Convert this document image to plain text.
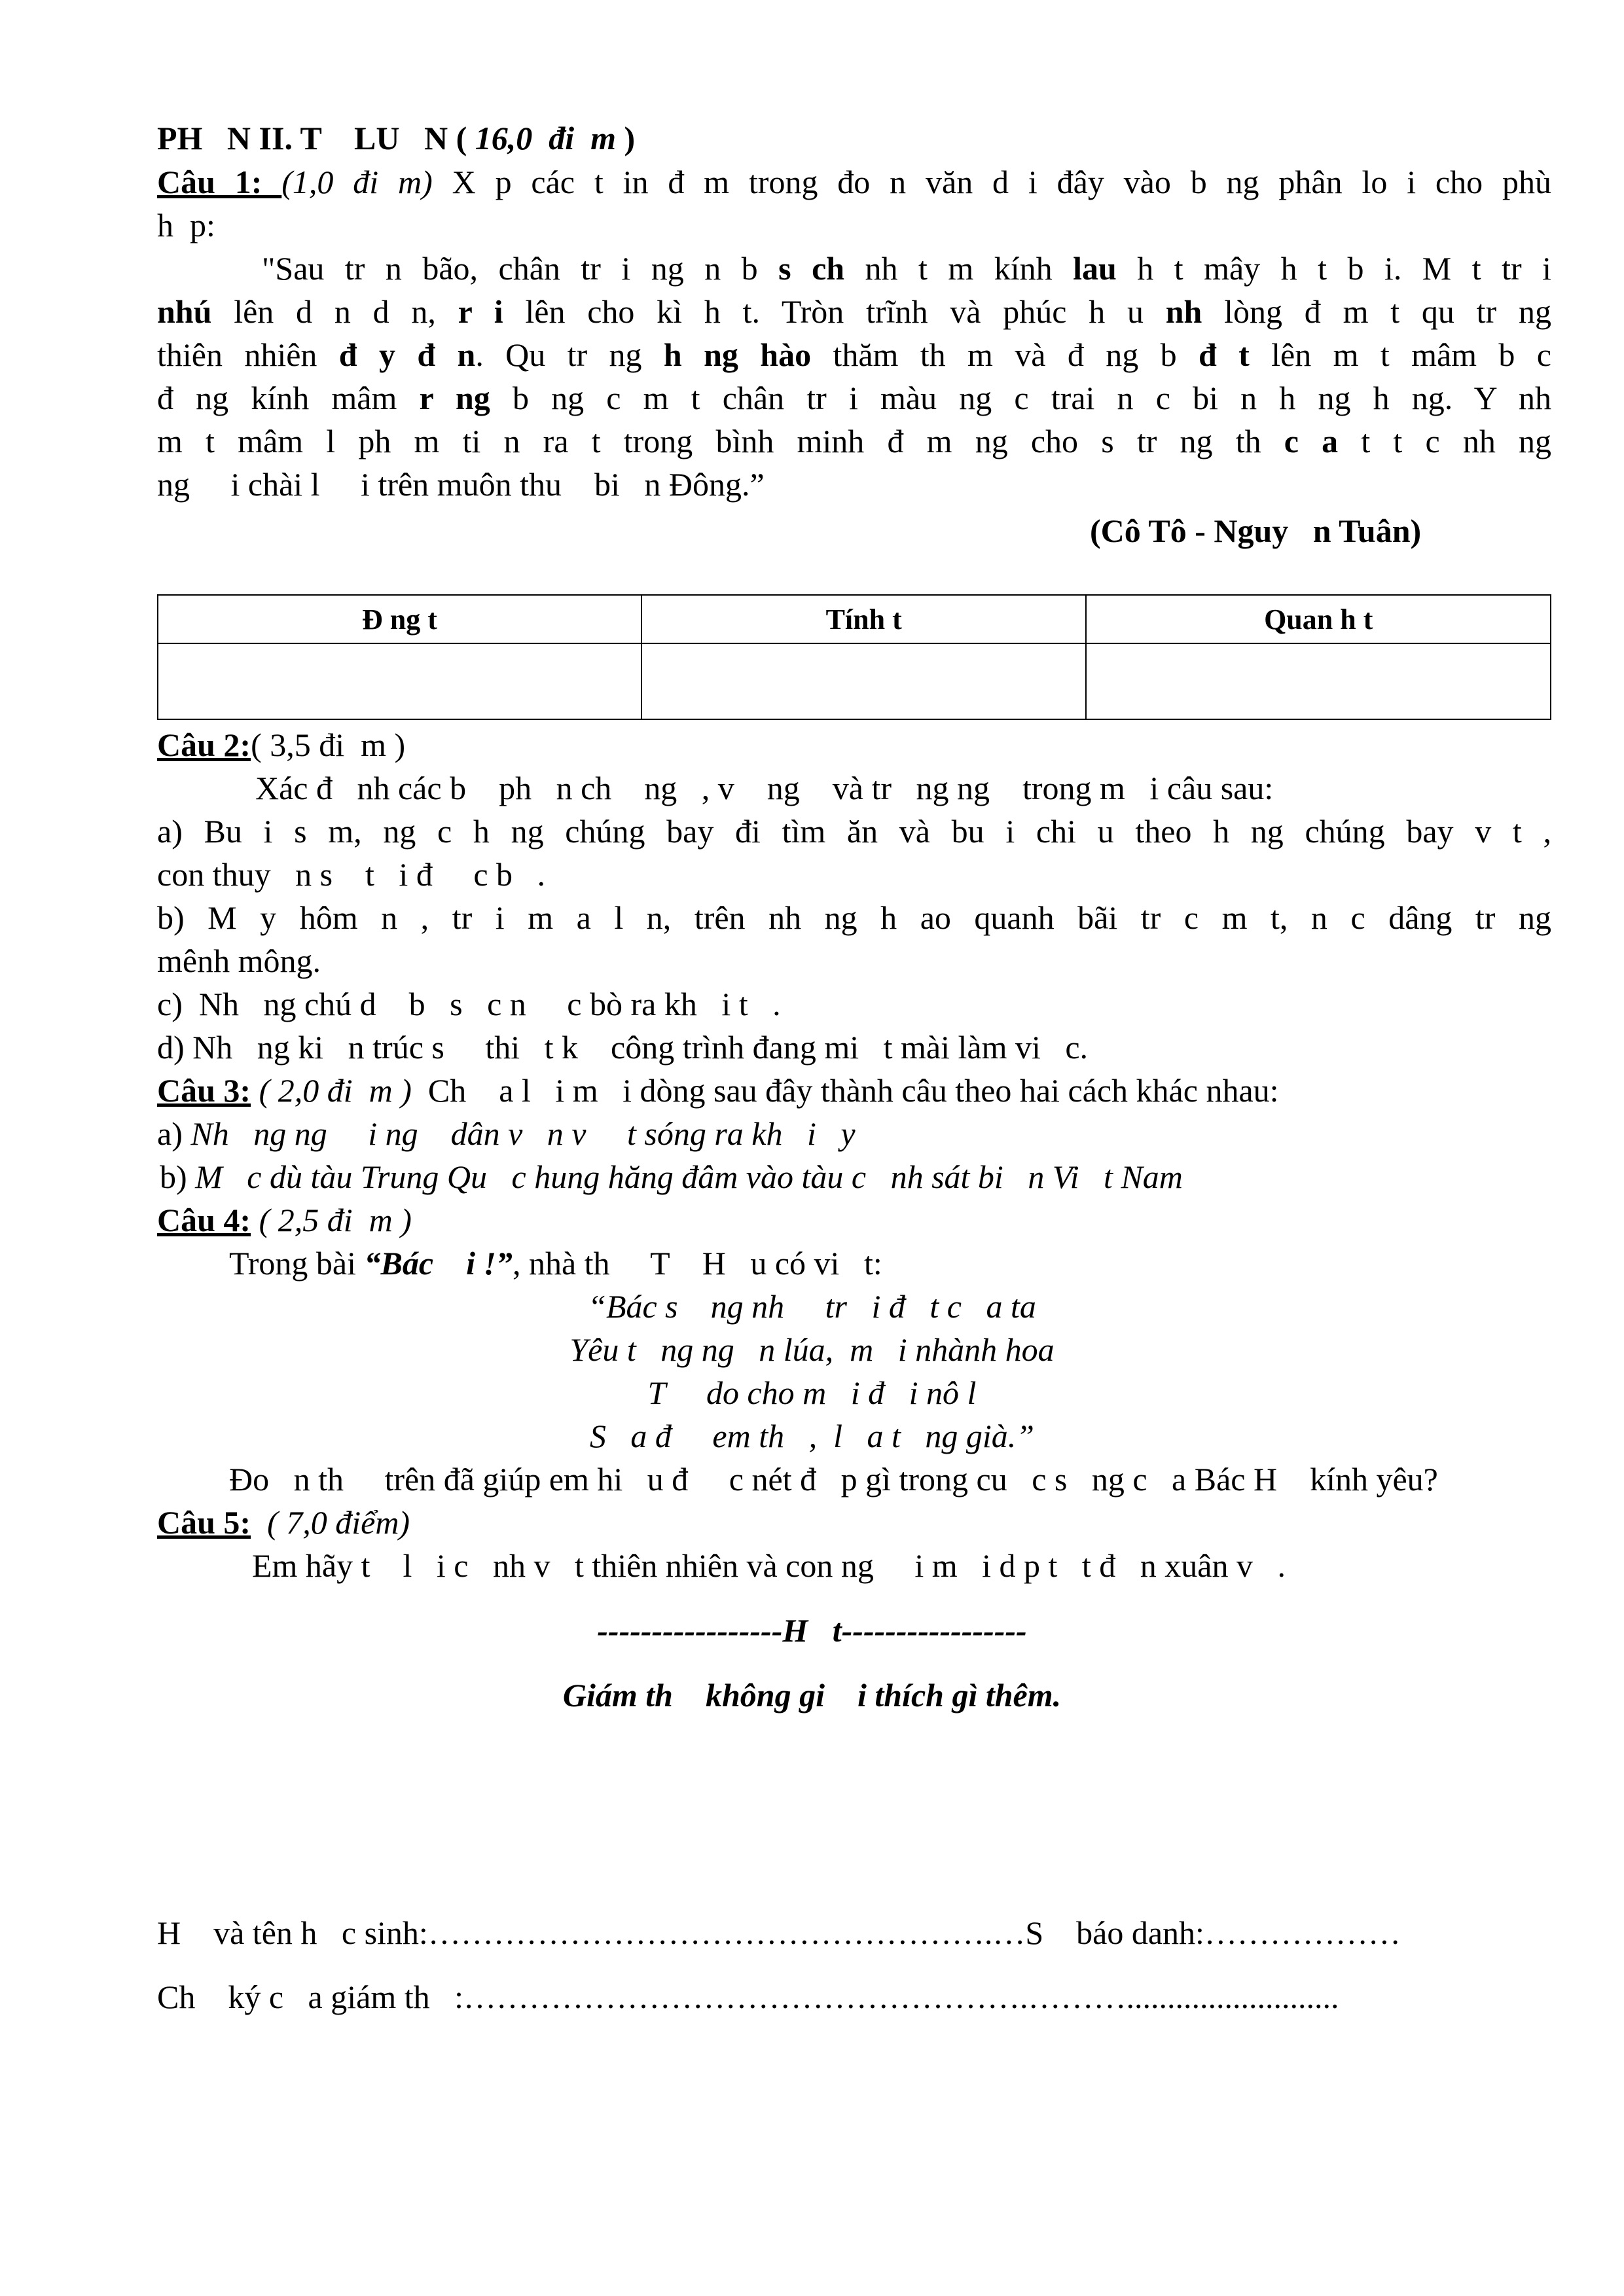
PH   N II. T    LU   N ( 16,0  đi  m )
Câu 1: (1,0 đi m) X p các t in đ m trong đo n văn d i đây vào b ng phân lo i cho phù
h  p:
"Sau tr n bão, chân tr i ng n b s ch nh t m kính lau h t mây h t b i. M t tr i
nhú lên d n d n, r i lên cho kì h t. Tròn trĩnh và phúc h u nh lòng đ m t qu tr ng
thiên nhiên đ y đ n. Qu tr ng h ng hào thăm th m và đ ng b đ t lên m t mâm b c
đ ng kính mâm r ng b ng c m t chân tr i màu ng c trai n c bi n h ng h ng. Y nh
m t mâm l ph m ti n ra t trong bình minh đ m ng cho s tr ng th c a t t c nh ng
ng     i chài l     i trên muôn thu    bi   n Đông.”
(Cô Tô - Nguy   n Tuân)
Đ ng t	Tính t	Quan h t

Câu 2:( 3,5 đi  m )
Xác đ   nh các b    ph   n ch    ng   , v    ng    và tr   ng ng    trong m   i câu sau:
a) Bu i s m, ng c h ng chúng bay đi tìm ăn và bu i chi u theo h ng chúng bay v t ,
con thuy   n s    t   i đ     c b   .
b) M y hôm n , tr i m a l n, trên nh ng h ao quanh bãi tr c m t, n c dâng tr ng
mênh mông.
c)  Nh   ng chú d    b   s   c n     c bò ra kh   i t   .
d) Nh   ng ki   n trúc s     thi   t k    công trình đang mi   t mài làm vi   c.
Câu 3: ( 2,0 đi  m )  Ch    a l   i m   i dòng sau đây thành câu theo hai cách khác nhau:
a) Nh   ng ng     i ng    dân v   n v     t sóng ra kh   i   y
b) M   c dù tàu Trung Qu   c hung hăng đâm vào tàu c   nh sát bi   n Vi   t Nam
Câu 4: ( 2,5 đi  m )
Trong bài “Bác    i !”, nhà th     T    H   u có vi   t:
“Bác s    ng nh     tr   i đ   t c   a ta
Yêu t   ng ng   n lúa,  m   i nhành hoa
T     do cho m   i đ   i nô l
S   a đ     em th   ,  l   a t   ng già.”
Đo   n th     trên đã giúp em hi   u đ     c nét đ   p gì trong cu   c s   ng c   a Bác H    kính yêu?
Câu 5:  ( 7,0 điểm)
Em hãy t    l   i c   nh v   t thiên nhiên và con ng     i m   i d p t   t đ   n xuân v   .
-----------------H   t-----------------
Giám th    không gi    i thích gì thêm.
H    và tên h   c sinh:…………………………………………….…S    báo danh:………………
Ch    ký c   a giám th   :…………………………………………….………..........................
